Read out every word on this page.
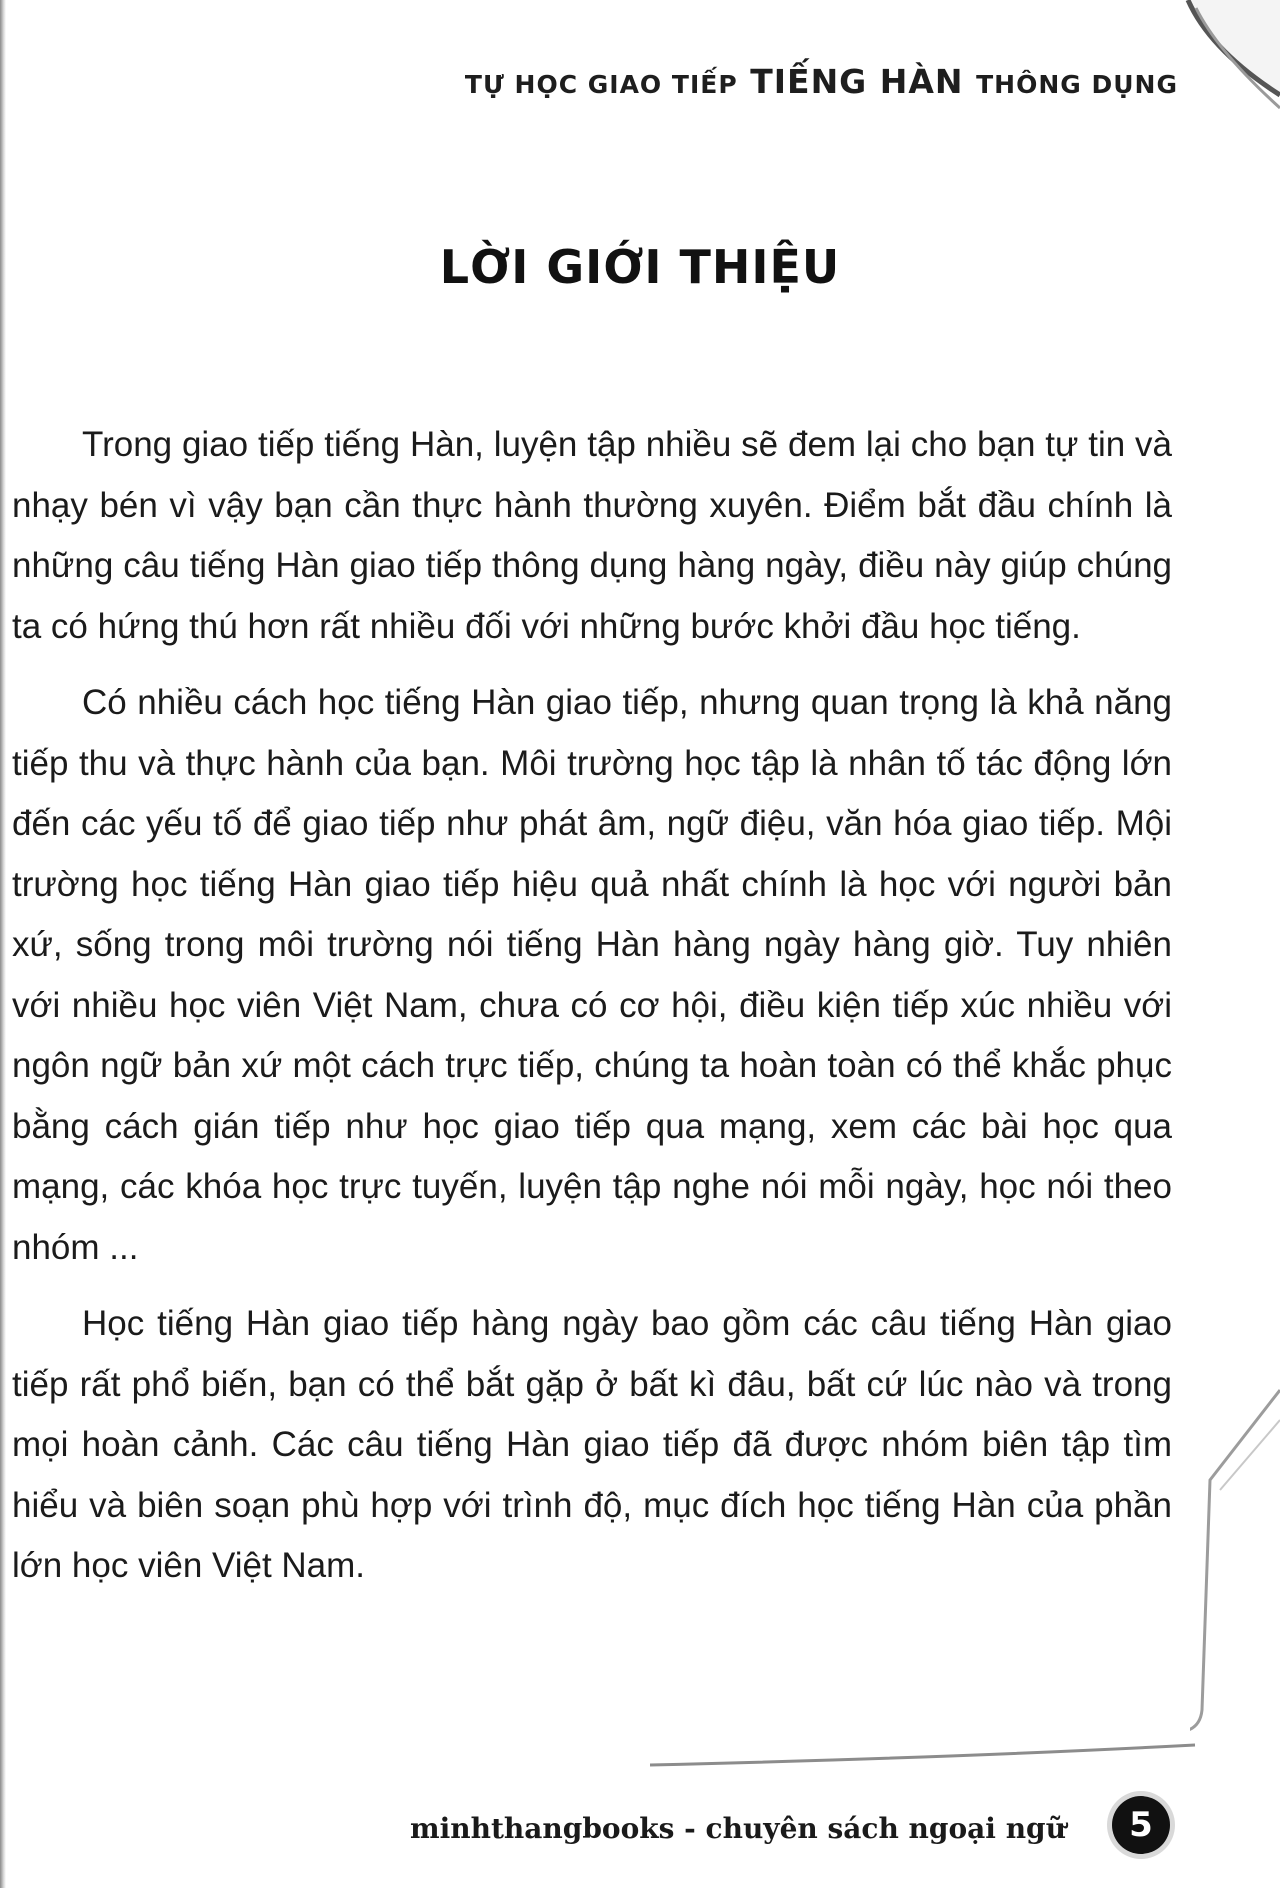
TỰ HỌC GIAO TIẾP TIẾNG HÀN THÔNG DỤNG
LỜI GIỚI THIỆU

Trong giao tiếp tiếng Hàn, luyện tập nhiều sẽ đem lại cho bạn tự tin và nhạy bén vì vậy bạn cần thực hành thường xuyên. Điểm bắt đầu chính là những câu tiếng Hàn giao tiếp thông dụng hàng ngày, điều này giúp chúng ta có hứng thú hơn rất nhiều đối với những bước khởi đầu học tiếng.

Có nhiều cách học tiếng Hàn giao tiếp, nhưng quan trọng là khả năng tiếp thu và thực hành của bạn. Môi trường học tập là nhân tố tác động lớn đến các yếu tố để giao tiếp như phát âm, ngữ điệu, văn hóa giao tiếp. Mội trường học tiếng Hàn giao tiếp hiệu quả nhất chính là học với người bản xứ, sống trong môi trường nói tiếng Hàn hàng ngày hàng giờ. Tuy nhiên với nhiều học viên Việt Nam, chưa có cơ hội, điều kiện tiếp xúc nhiều với ngôn ngữ bản xứ một cách trực tiếp, chúng ta hoàn toàn có thể khắc phục bằng cách gián tiếp như học giao tiếp qua mạng, xem các bài học qua mạng, các khóa học trực tuyến, luyện tập nghe nói mỗi ngày, học nói theo nhóm ...

Học tiếng Hàn giao tiếp hàng ngày bao gồm các câu tiếng Hàn giao tiếp rất phổ biến, bạn có thể bắt gặp ở bất kì đâu, bất cứ lúc nào và trong mọi hoàn cảnh. Các câu tiếng Hàn giao tiếp đã được nhóm biên tập tìm hiểu và biên soạn phù hợp với trình độ, mục đích học tiếng Hàn của phần lớn học viên Việt Nam.

minhthangbooks - chuyên sách ngoại ngữ	5
